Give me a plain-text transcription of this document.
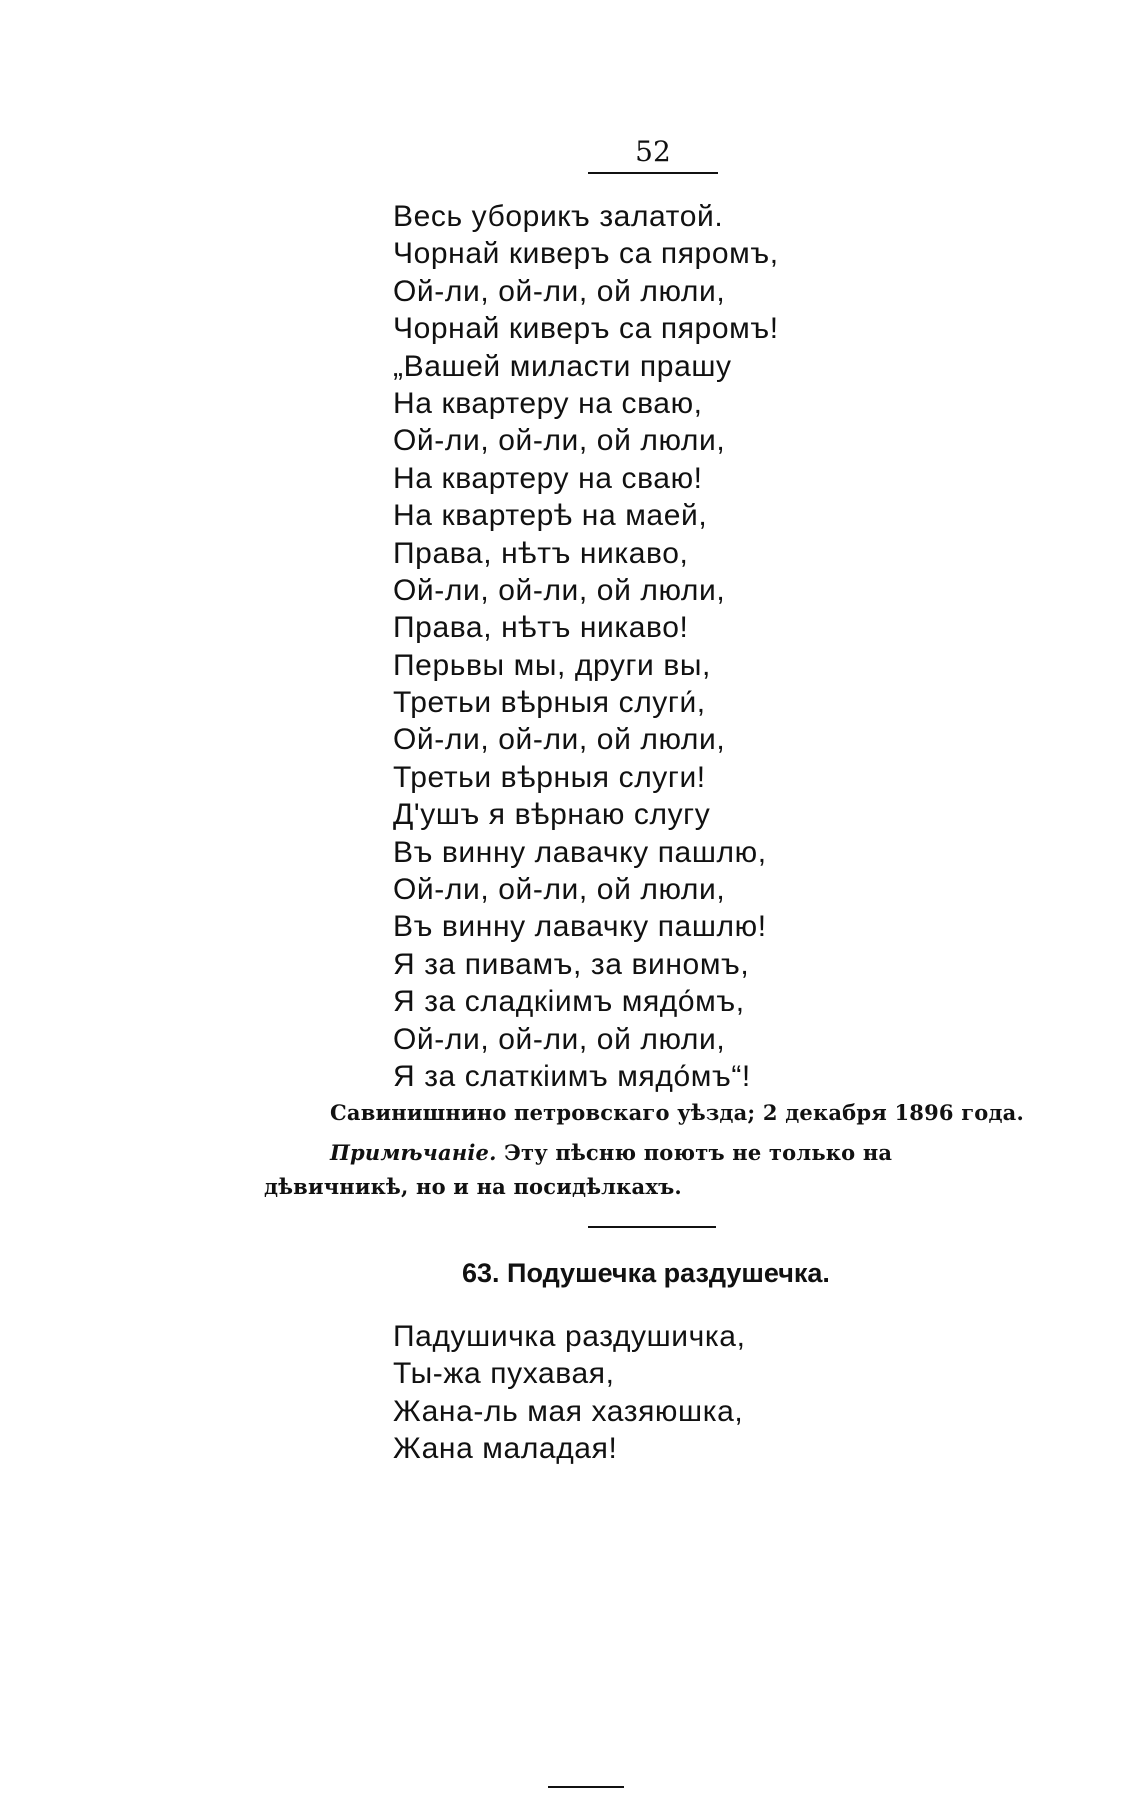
52
Весь уборикъ залатой.
Чорнай киверъ са пяромъ,
Ой-ли, ой-ли, ой люли,
Чорнай киверъ са пяромъ!
„Вашей миласти прашу
На квартеру на сваю,
Ой-ли, ой-ли, ой люли,
На квартеру на сваю!
На квартерѣ на маей,
Права, нѣтъ никаво,
Ой-ли, ой-ли, ой люли,
Права, нѣтъ никаво!
Перьвы мы, други вы,
Третьи вѣрныя слуги́,
Ой-ли, ой-ли, ой люли,
Третьи вѣрныя слуги!
Д'ушъ я вѣрнаю слугу
Въ винну лавачку пашлю,
Ой-ли, ой-ли, ой люли,
Въ винну лавачку пашлю!
Я за пивамъ, за виномъ,
Я за сладкіимъ мядо́мъ,
Ой-ли, ой-ли, ой люли,
Я за слаткіимъ мядо́мъ“!
Савинишнино петровскаго уѣзда; 2 декабря 1896 года.
Примѣчаніе. Эту пѣсню поютъ не только на дѣвичникѣ, но и на посидѣлкахъ.
63. Подушечка раздушечка.
Падушичка раздушичка,
Ты-жа пухавая,
Жана-ль мая хазяюшка,
Жана маладая!
